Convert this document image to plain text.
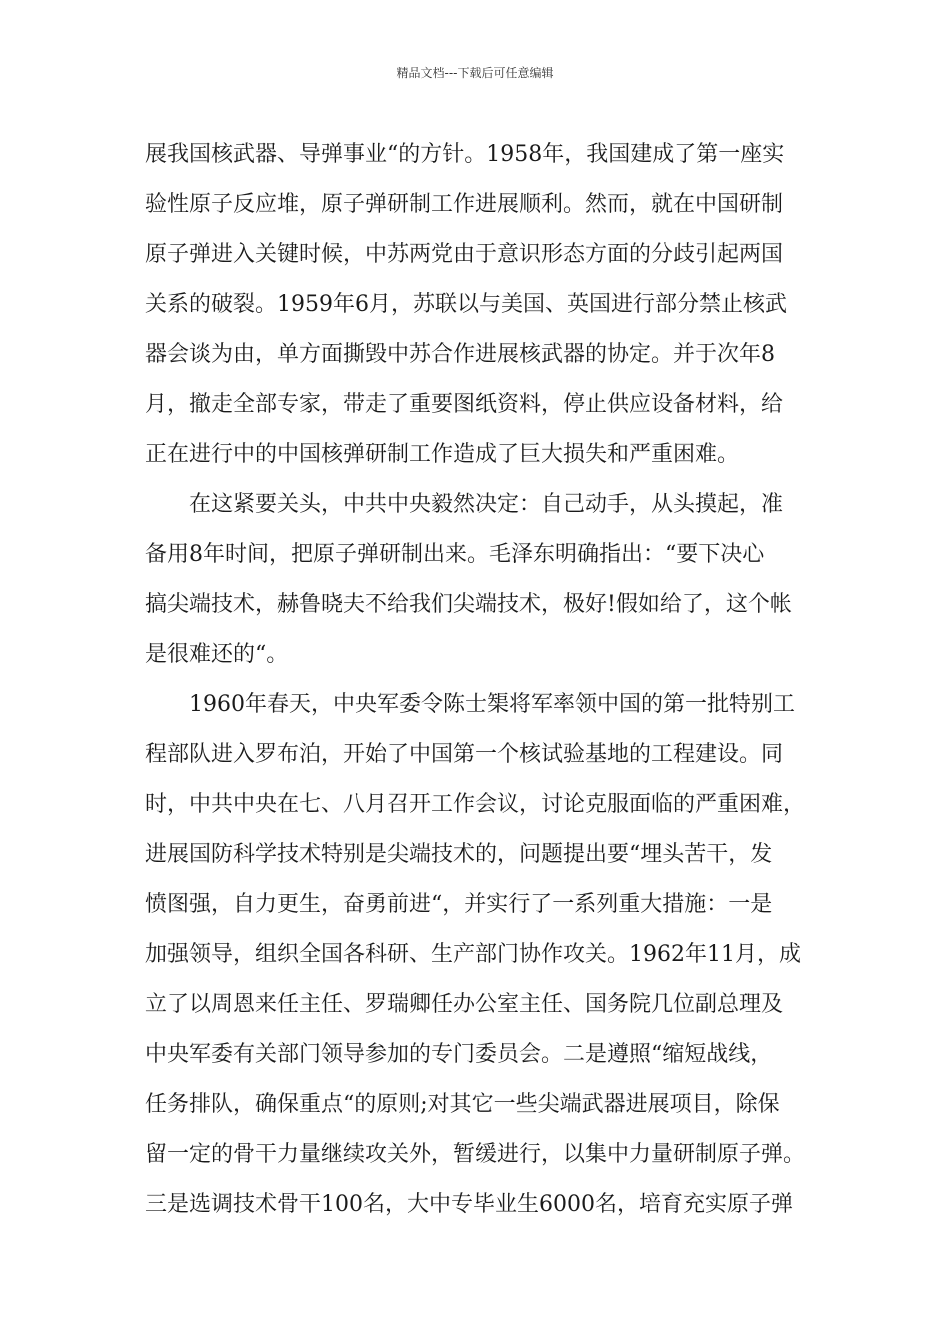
精品文档---下载后可任意编辑
展我国核武器、导弹事业“的方针。1958年，我国建成了第一座实
验性原子反应堆，原子弹研制工作进展顺利。然而，就在中国研制
原子弹进入关键时候，中苏两党由于意识形态方面的分歧引起两国
关系的破裂。1959年6月，苏联以与美国、英国进行部分禁止核武
器会谈为由，单方面撕毁中苏合作进展核武器的协定。并于次年8
月，撤走全部专家，带走了重要图纸资料，停止供应设备材料，给
正在进行中的中国核弹研制工作造成了巨大损失和严重困难。
　　在这紧要关头，中共中央毅然决定：自己动手，从头摸起，准
备用8年时间，把原子弹研制出来。毛泽东明确指出：“要下决心
搞尖端技术，赫鲁晓夫不给我们尖端技术，极好!假如给了，这个帐
是很难还的“。
　　1960年春天，中央军委令陈士榘将军率领中国的第一批特别工
程部队进入罗布泊，开始了中国第一个核试验基地的工程建设。同
时，中共中央在七、八月召开工作会议，讨论克服面临的严重困难，
进展国防科学技术特别是尖端技术的，问题提出要“埋头苦干，发
愤图强，自力更生，奋勇前进“，并实行了一系列重大措施：一是
加强领导，组织全国各科研、生产部门协作攻关。1962年11月，成
立了以周恩来任主任、罗瑞卿任办公室主任、国务院几位副总理及
中央军委有关部门领导参加的专门委员会。二是遵照“缩短战线，
任务排队，确保重点“的原则;对其它一些尖端武器进展项目，除保
留一定的骨干力量继续攻关外，暂缓进行，以集中力量研制原子弹。
三是选调技术骨干100名，大中专毕业生6000名，培育充实原子弹
